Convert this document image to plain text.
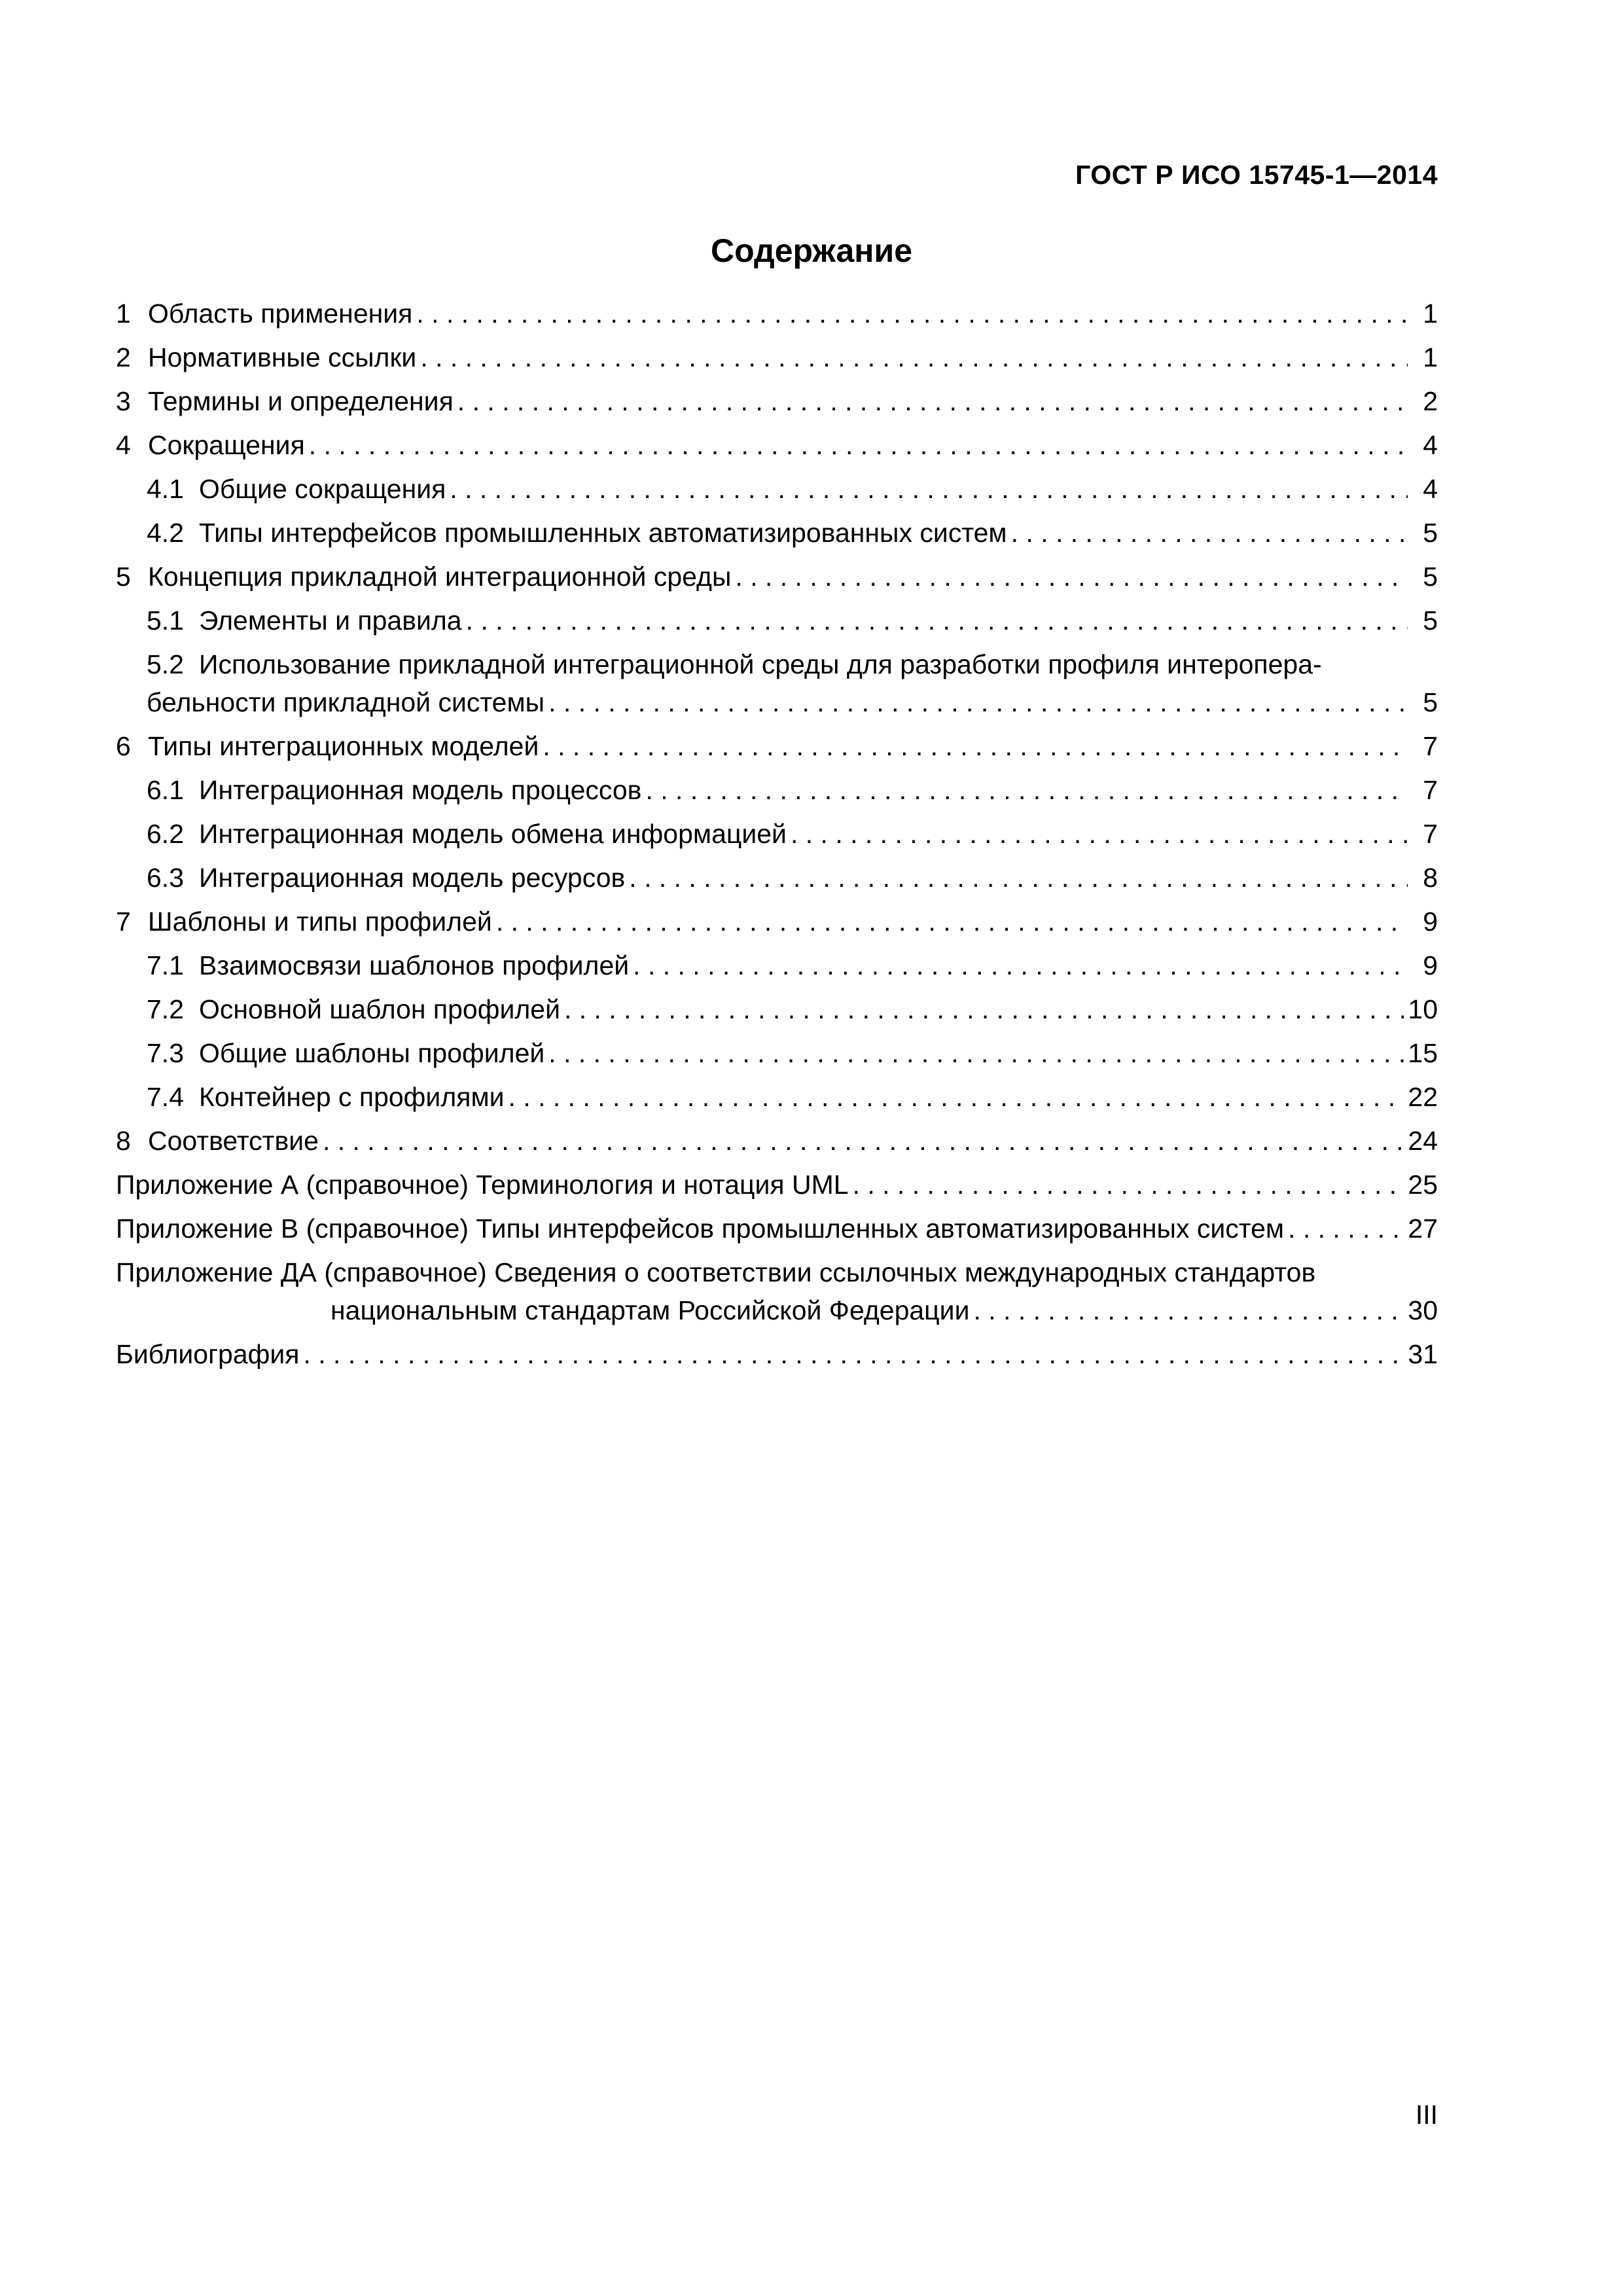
ГОСТ Р ИСО 15745-1—2014
Содержание
1 Область применения . . .	1
2 Нормативные ссылки . . .	1
3 Термины и определения . . .	2
4 Сокращения . . .	4
4.1 Общие сокращения . . .	4
4.2 Типы интерфейсов промышленных автоматизированных систем . . .	5
5 Концепция прикладной интеграционной среды . . .	5
5.1 Элементы и правила . . .	5
5.2 Использование прикладной интеграционной среды для разработки профиля интеропера-
бельности прикладной системы . . .	5
6 Типы интеграционных моделей . . .	7
6.1 Интеграционная модель процессов . . .	7
6.2 Интеграционная модель обмена информацией . . .	7
6.3 Интеграционная модель ресурсов . . .	8
7 Шаблоны и типы профилей . . .	9
7.1 Взаимосвязи шаблонов профилей . . .	9
7.2 Основной шаблон профилей . . .	10
7.3 Общие шаблоны профилей . . .	15
7.4 Контейнер с профилями . . .	22
8 Соответствие . . .	24
Приложение А (справочное) Терминология и нотация UML . . .	25
Приложение В (справочное) Типы интерфейсов промышленных автоматизированных систем . . .	27
Приложение ДА (справочное) Сведения о соответствии ссылочных международных стандартов
национальным стандартам Российской Федерации . . .	30
Библиография . . .	31
III
